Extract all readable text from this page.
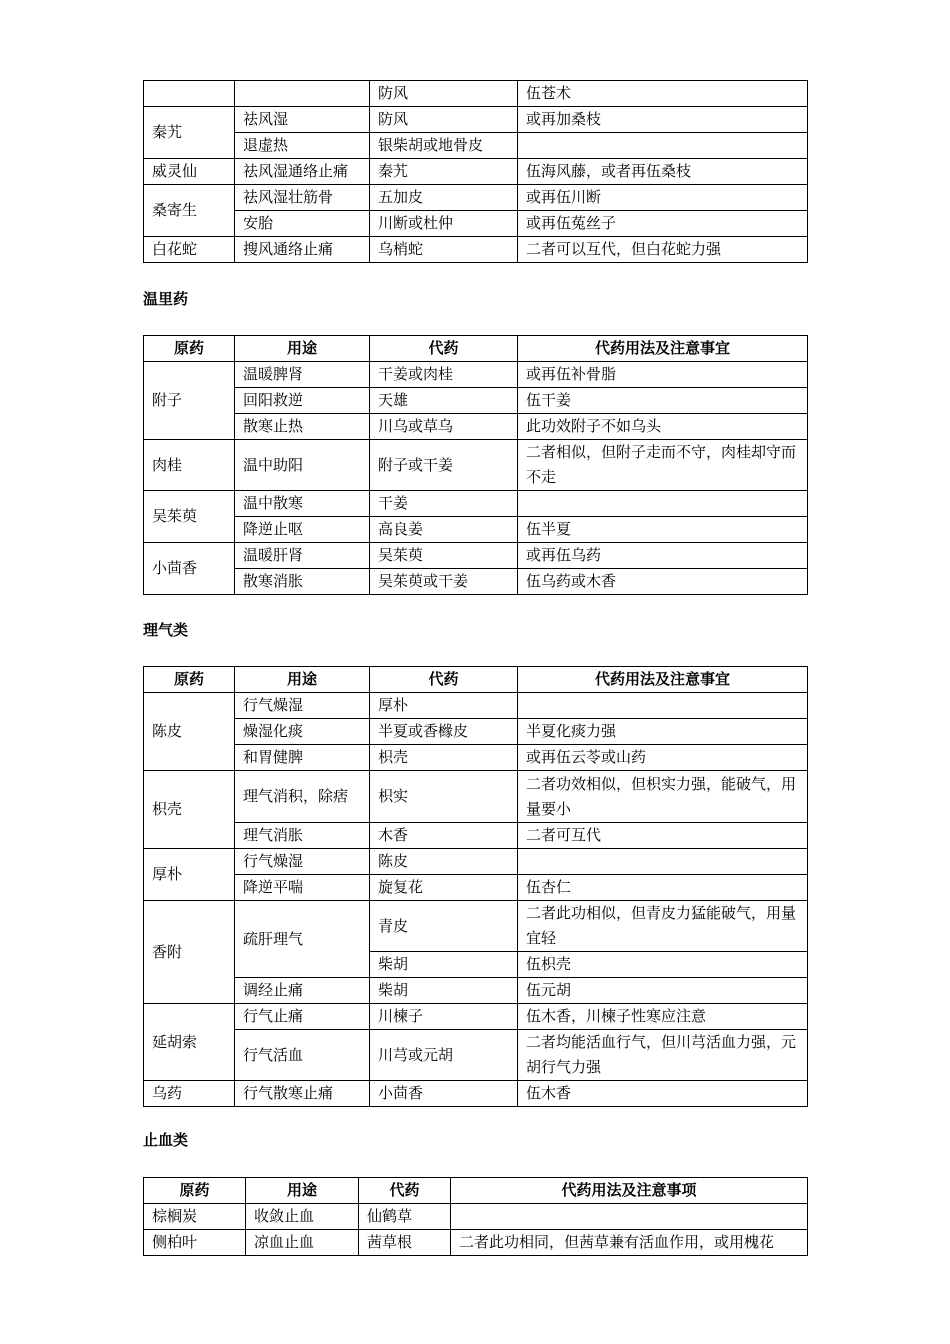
		防风	伍苍术
秦艽	祛风湿	防风	或再加桑枝
	退虚热	银柴胡或地骨皮	
威灵仙	祛风湿通络止痛	秦艽	伍海风藤，或者再伍桑枝
桑寄生	祛风湿壮筋骨	五加皮	或再伍川断
	安胎	川断或杜仲	或再伍菟丝子
白花蛇	搜风通络止痛	乌梢蛇	二者可以互代，但白花蛇力强

温里药

原药	用途	代药	代药用法及注意事宜
附子	温暖脾肾	干姜或肉桂	或再伍补骨脂
	回阳救逆	天雄	伍干姜
	散寒止热	川乌或草乌	此功效附子不如乌头
肉桂	温中助阳	附子或干姜	二者相似，但附子走而不守，肉桂却守而不走
吴茱萸	温中散寒	干姜	
	降逆止呕	高良姜	伍半夏
小茴香	温暖肝肾	吴茱萸	或再伍乌药
	散寒消胀	吴茱萸或干姜	伍乌药或木香

理气类

原药	用途	代药	代药用法及注意事宜
陈皮	行气燥湿	厚朴	
	燥湿化痰	半夏或香橼皮	半夏化痰力强
	和胃健脾	枳壳	或再伍云苓或山药
枳壳	理气消积，除痞	枳实	二者功效相似，但枳实力强，能破气，用量要小
	理气消胀	木香	二者可互代
厚朴	行气燥湿	陈皮	
	降逆平喘	旋复花	伍杏仁
香附	疏肝理气	青皮	二者此功相似，但青皮力猛能破气，用量宜轻
		柴胡	伍枳壳
	调经止痛	柴胡	伍元胡
延胡索	行气止痛	川楝子	伍木香，川楝子性寒应注意
	行气活血	川芎或元胡	二者均能活血行气，但川芎活血力强，元胡行气力强
乌药	行气散寒止痛	小茴香	伍木香

止血类

原药	用途	代药	代药用法及注意事项
棕榈炭	收敛止血	仙鹤草	
侧柏叶	凉血止血	茜草根	二者此功相同，但茜草兼有活血作用，或用槐花
